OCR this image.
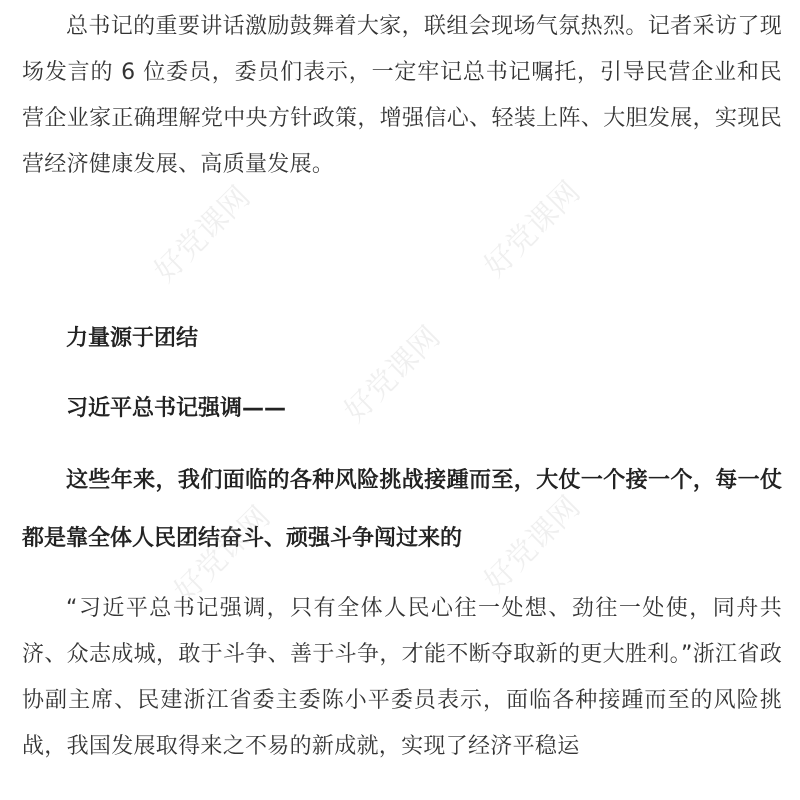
总书记的重要讲话激励鼓舞着大家，联组会现场气氛热烈。记者采访了现场发言的 6 位委员，委员们表示，一定牢记总书记嘱托，引导民营企业和民营企业家正确理解党中央方针政策，增强信心、轻装上阵、大胆发展，实现民营经济健康发展、高质量发展。

力量源于团结

习近平总书记强调——

这些年来，我们面临的各种风险挑战接踵而至，大仗一个接一个，每一仗都是靠全体人民团结奋斗、顽强斗争闯过来的

“习近平总书记强调，只有全体人民心往一处想、劲往一处使，同舟共济、众志成城，敢于斗争、善于斗争，才能不断夺取新的更大胜利。”浙江省政协副主席、民建浙江省委主委陈小平委员表示，面临各种接踵而至的风险挑战，我国发展取得来之不易的新成就，实现了经济平稳运

好党课网	好党课网
好党课网
好党课网	好党课网
